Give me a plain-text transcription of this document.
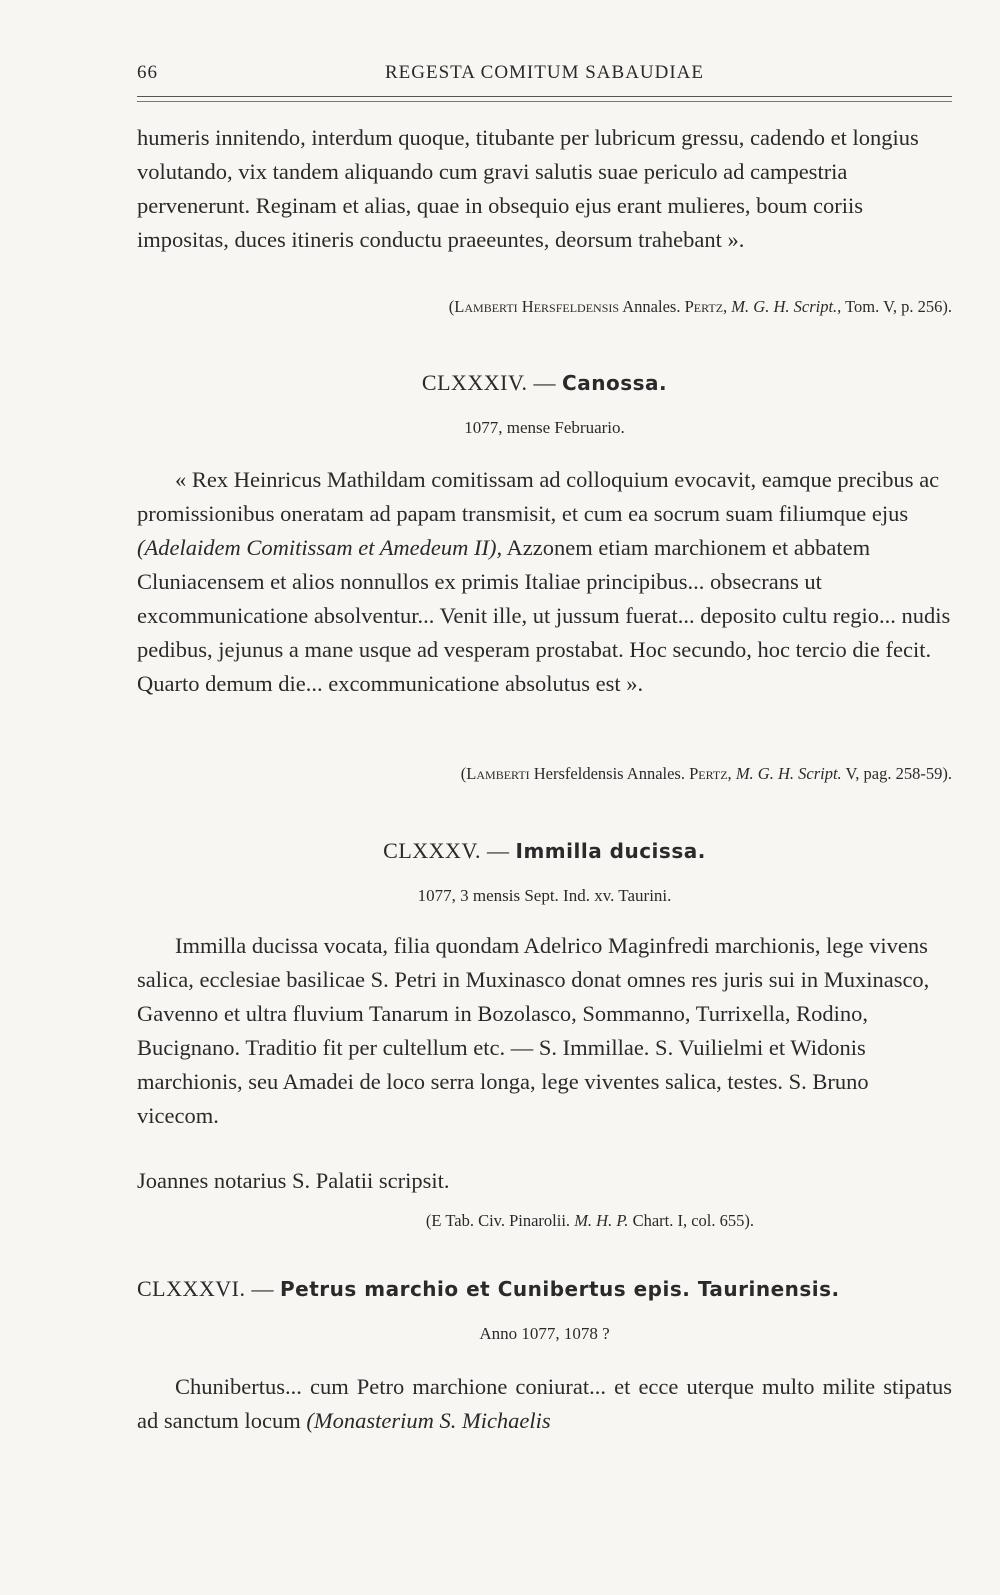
66	REGESTA COMITUM SABAUDIAE
humeris innitendo, interdum quoque, titubante per lubricum gressu, cadendo et longius volutando, vix tandem aliquando cum gravi salutis suae periculo ad campestria pervenerunt. Reginam et alias, quae in obsequio ejus erant mulieres, boum coriis impositas, duces itineris conductu praeeuntes, deorsum trahebant ».
(Lamberti Hersfeldensis Annales. Pertz, M. G. H. Script., Tom. V, p. 256).
CLXXXIV. — Canossa.
1077, mense Februario.
« Rex Heinricus Mathildam comitissam ad colloquium evocavit, eamque precibus ac promissionibus oneratam ad papam transmisit, et cum ea socrum suam filiumque ejus (Adelaidem Comitissam et Amedeum II), Azzonem etiam marchionem et abbatem Cluniacensem et alios nonnullos ex primis Italiae principibus... obsecrans ut excommunicatione absolventur... Venit ille, ut jussum fuerat... deposito cultu regio... nudis pedibus, jejunus a mane usque ad vesperam prostabat. Hoc secundo, hoc tercio die fecit. Quarto demum die... excommunicatione absolutus est ».
(Lamberti Hersfeldensis Annales. Pertz, M. G. H. Script. V, pag. 258-59).
CLXXXV. — Immilla ducissa.
1077, 3 mensis Sept. Ind. xv. Taurini.
Immilla ducissa vocata, filia quondam Adelrico Maginfredi marchionis, lege vivens salica, ecclesiae basilicae S. Petri in Muxinasco donat omnes res juris sui in Muxinasco, Gavenno et ultra fluvium Tanarum in Bozolasco, Sommanno, Turrixella, Rodino, Bucignano. Traditio fit per cultellum etc. — S. Immillae. S. Vuilielmi et Widonis marchionis, seu Amadei de loco serra longa, lege viventes salica, testes. S. Bruno vicecom.
Joannes notarius S. Palatii scripsit.
(E Tab. Civ. Pinarolii. M. H. P. Chart. I, col. 655).
CLXXXVI. — Petrus marchio et Cunibertus epis. Taurinensis.
Anno 1077, 1078 ?
Chunibertus... cum Petro marchione coniurat... et ecce uterque multo milite stipatus ad sanctum locum (Monasterium S. Michaelis
